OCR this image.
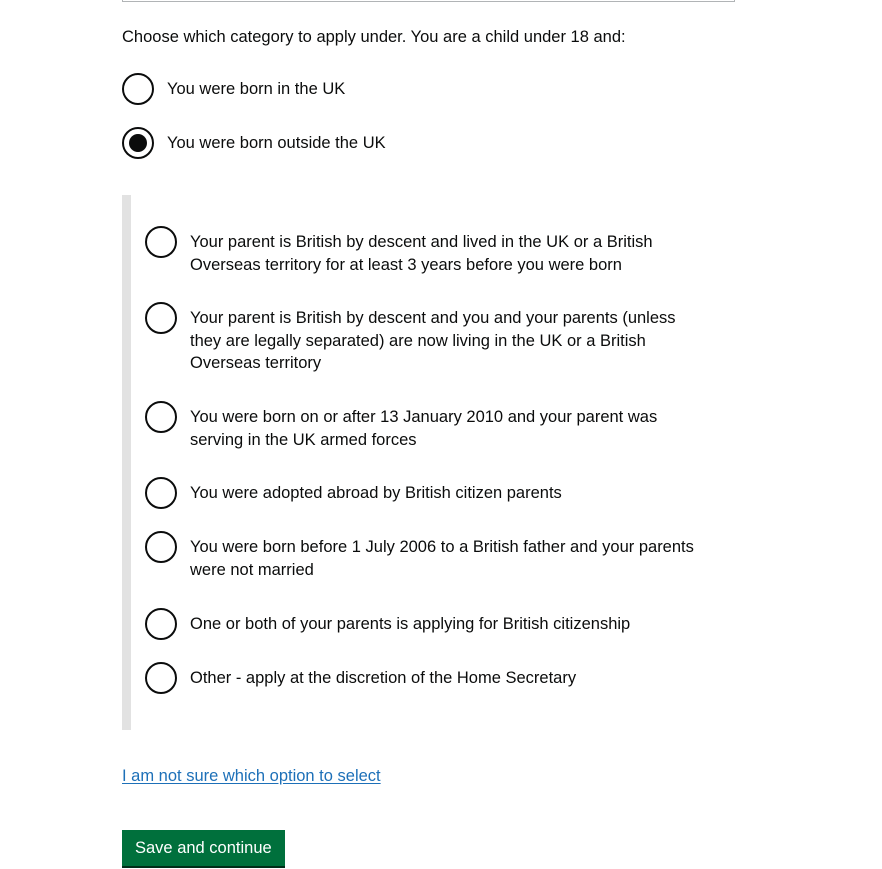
Choose which category to apply under. You are a child under 18 and:

You were born in the UK
You were born outside the UK
Your parent is British by descent and lived in the UK or a British Overseas territory for at least 3 years before you were born
Your parent is British by descent and you and your parents (unless they are legally separated) are now living in the UK or a British Overseas territory
You were born on or after 13 January 2010 and your parent was serving in the UK armed forces
You were adopted abroad by British citizen parents
You were born before 1 July 2006 to a British father and your parents were not married
One or both of your parents is applying for British citizenship
Other - apply at the discretion of the Home Secretary
I am not sure which option to select
Save and continue
